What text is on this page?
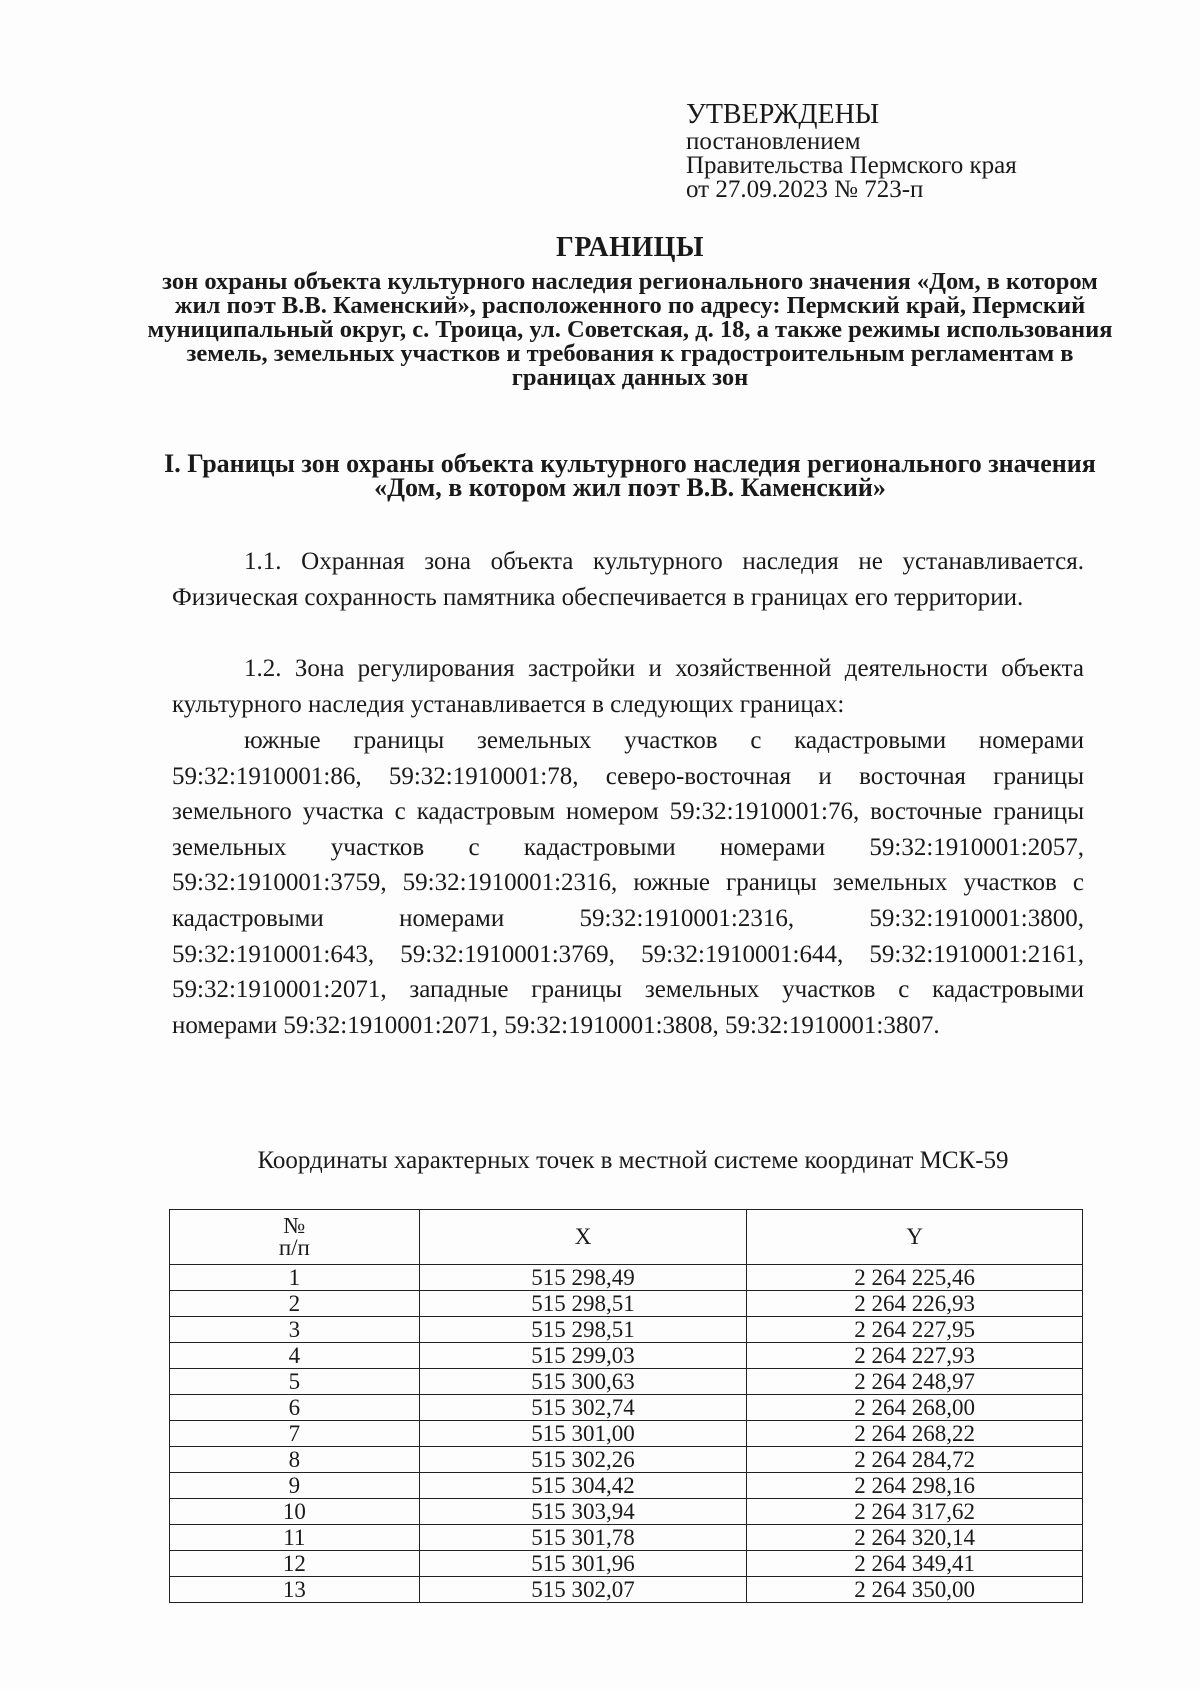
УТВЕРЖДЕНЫ
постановлением
Правительства Пермского края
от 27.09.2023 № 723-п
ГРАНИЦЫ
зон охраны объекта культурного наследия регионального значения «Дом, в котором жил поэт В.В. Каменский», расположенного по адресу: Пермский край, Пермский муниципальный округ, с. Троица, ул. Советская, д. 18, а также режимы использования земель, земельных участков и требования к градостроительным регламентам в границах данных зон
I. Границы зон охраны объекта культурного наследия регионального значения «Дом, в котором жил поэт В.В. Каменский»
1.1. Охранная зона объекта культурного наследия не устанавливается. Физическая сохранность памятника обеспечивается в границах его территории.
1.2. Зона регулирования застройки и хозяйственной деятельности объекта культурного наследия устанавливается в следующих границах:
южные границы земельных участков с кадастровыми номерами 59:32:1910001:86, 59:32:1910001:78, северо-восточная и восточная границы земельного участка с кадастровым номером 59:32:1910001:76, восточные границы земельных участков с кадастровыми номерами 59:32:1910001:2057, 59:32:1910001:3759, 59:32:1910001:2316, южные границы земельных участков с кадастровыми номерами 59:32:1910001:2316, 59:32:1910001:3800, 59:32:1910001:643, 59:32:1910001:3769, 59:32:1910001:644, 59:32:1910001:2161, 59:32:1910001:2071, западные границы земельных участков с кадастровыми номерами 59:32:1910001:2071, 59:32:1910001:3808, 59:32:1910001:3807.
Координаты характерных точек в местной системе координат МСК-59
№
п/п	X	Y
1	515 298,49	2 264 225,46
2	515 298,51	2 264 226,93
3	515 298,51	2 264 227,95
4	515 299,03	2 264 227,93
5	515 300,63	2 264 248,97
6	515 302,74	2 264 268,00
7	515 301,00	2 264 268,22
8	515 302,26	2 264 284,72
9	515 304,42	2 264 298,16
10	515 303,94	2 264 317,62
11	515 301,78	2 264 320,14
12	515 301,96	2 264 349,41
13	515 302,07	2 264 350,00
